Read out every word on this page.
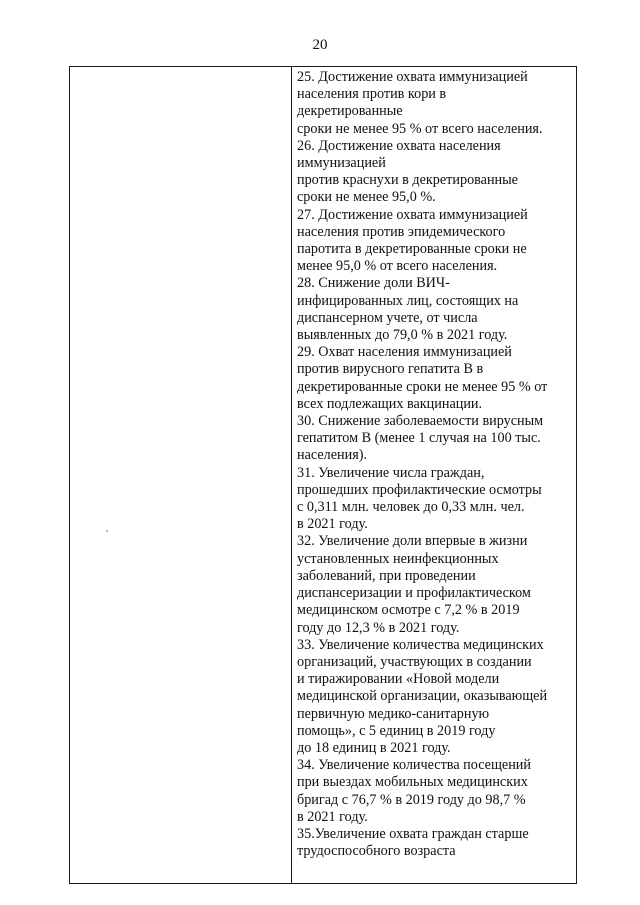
20
25. Достижение охвата иммунизацией
населения против кори в
декретированные
сроки не менее 95 % от всего населения.
26. Достижение охвата населения
иммунизацией
против краснухи в декретированные
сроки не менее 95,0 %.
27. Достижение охвата иммунизацией
населения против эпидемического
паротита в декретированные сроки не
менее 95,0 % от всего населения.
28. Снижение доли ВИЧ-
инфицированных лиц, состоящих на
диспансерном учете, от числа
выявленных до 79,0 % в 2021 году.
29. Охват населения иммунизацией
против вирусного гепатита В в
декретированные сроки не менее 95 % от
всех подлежащих вакцинации.
30. Снижение заболеваемости вирусным
гепатитом В (менее 1 случая на 100 тыс.
населения).
31. Увеличение числа граждан,
прошедших профилактические осмотры
с 0,311 млн. человек до 0,33 млн. чел.
в 2021 году.
32. Увеличение доли впервые в жизни
установленных неинфекционных
заболеваний, при проведении
диспансеризации и профилактическом
медицинском осмотре с 7,2 % в 2019
году до 12,3 % в 2021 году.
33. Увеличение количества медицинских
организаций, участвующих в создании
и тиражировании «Новой модели
медицинской организации, оказывающей
первичную медико-санитарную
помощь», с 5 единиц в 2019 году
до 18 единиц в 2021 году.
34. Увеличение количества посещений
при выездах мобильных медицинских
бригад с 76,7 % в 2019 году до 98,7 %
в 2021 году.
35.Увеличение охвата граждан старше
трудоспособного возраста
